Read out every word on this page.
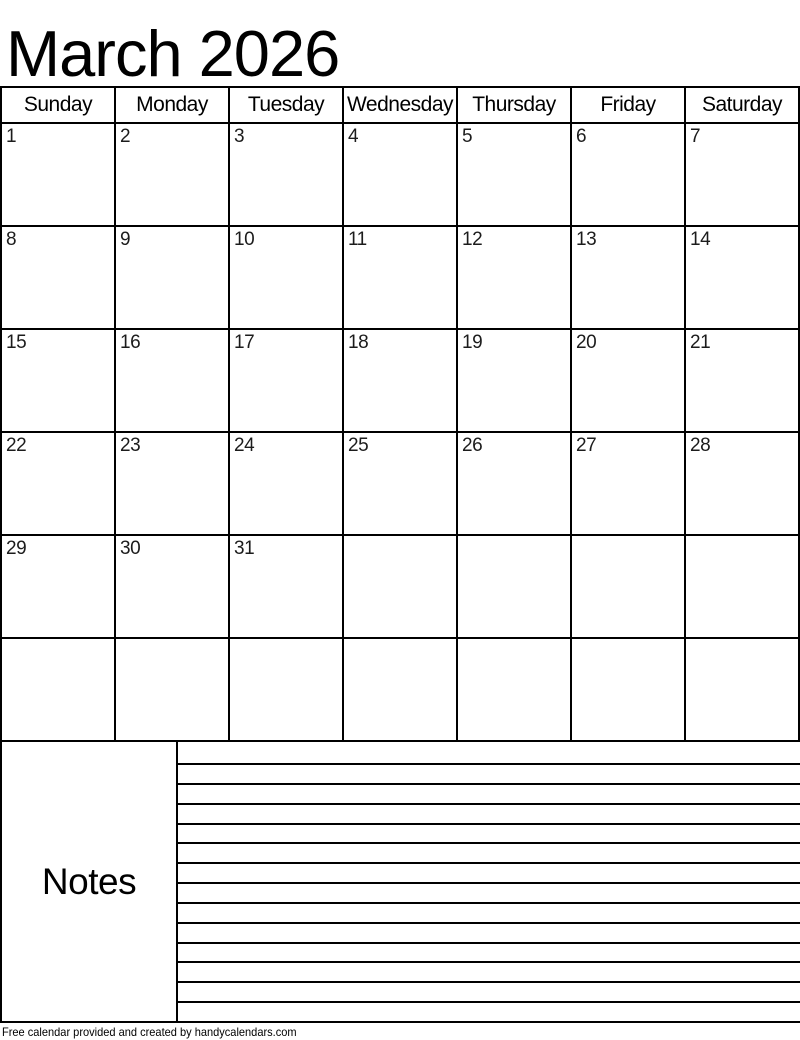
March 2026
Sunday	Monday	Tuesday	Wednesday	Thursday	Friday	Saturday
1	2	3	4	5	6	7
8	9	10	11	12	13	14
15	16	17	18	19	20	21
22	23	24	25	26	27	28
29	30	31				

Notes
Free calendar provided and created by handycalendars.com
